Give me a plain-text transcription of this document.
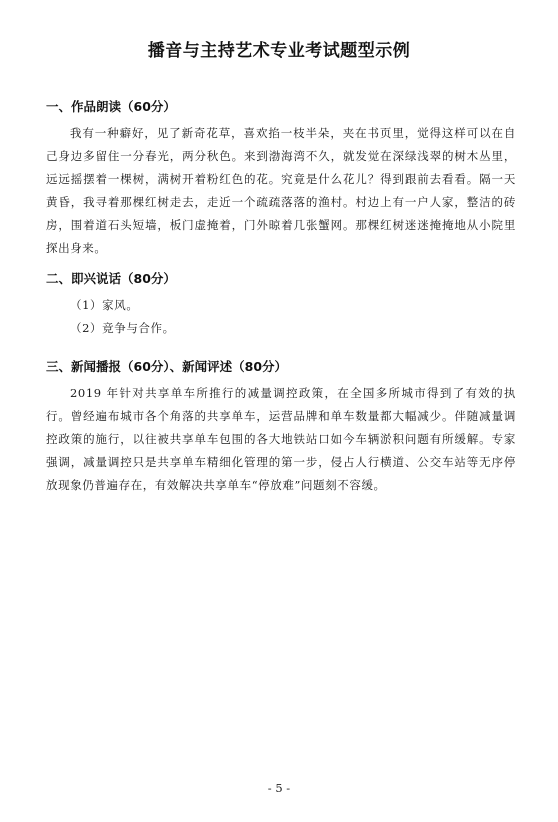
播音与主持艺术专业考试题型示例
一、作品朗读（60分）

我有一种癖好，见了新奇花草，喜欢掐一枝半朵，夹在书页里，觉得这样可以在自己身边多留住一分春光，两分秋色。来到渤海湾不久，就发觉在深绿浅翠的树木丛里，远远摇摆着一棵树，满树开着粉红色的花。究竟是什么花儿？得到跟前去看看。隔一天黄昏，我寻着那棵红树走去，走近一个疏疏落落的渔村。村边上有一户人家，整洁的砖房，围着道石头短墙，板门虚掩着，门外晾着几张蟹网。那棵红树迷迷掩掩地从小院里探出身来。

二、即兴说话（80分）

（1）家风。

（2）竞争与合作。

三、新闻播报（60分）、新闻评述（80分）

2019 年针对共享单车所推行的减量调控政策，在全国多所城市得到了有效的执行。曾经遍布城市各个角落的共享单车，运营品牌和单车数量都大幅减少。伴随减量调控政策的施行，以往被共享单车包围的各大地铁站口如今车辆淤积问题有所缓解。专家强调，减量调控只是共享单车精细化管理的第一步，侵占人行横道、公交车站等无序停放现象仍普遍存在，有效解决共享单车“停放难”问题刻不容缓。

- 5 -
